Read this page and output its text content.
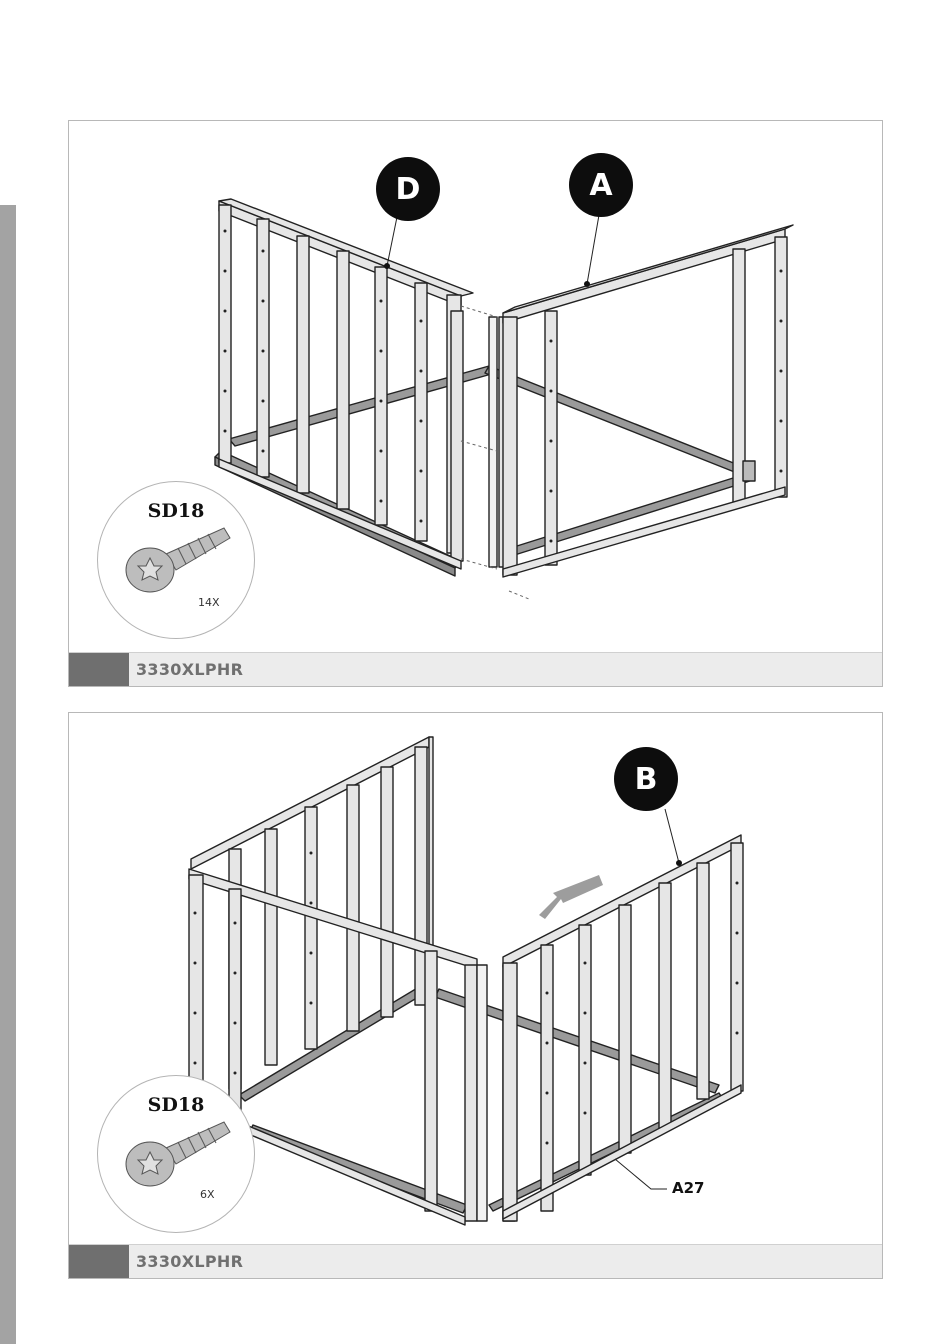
D	A
SD18
14X
3330XLPHR
B
A27
SD18
6X
3330XLPHR
